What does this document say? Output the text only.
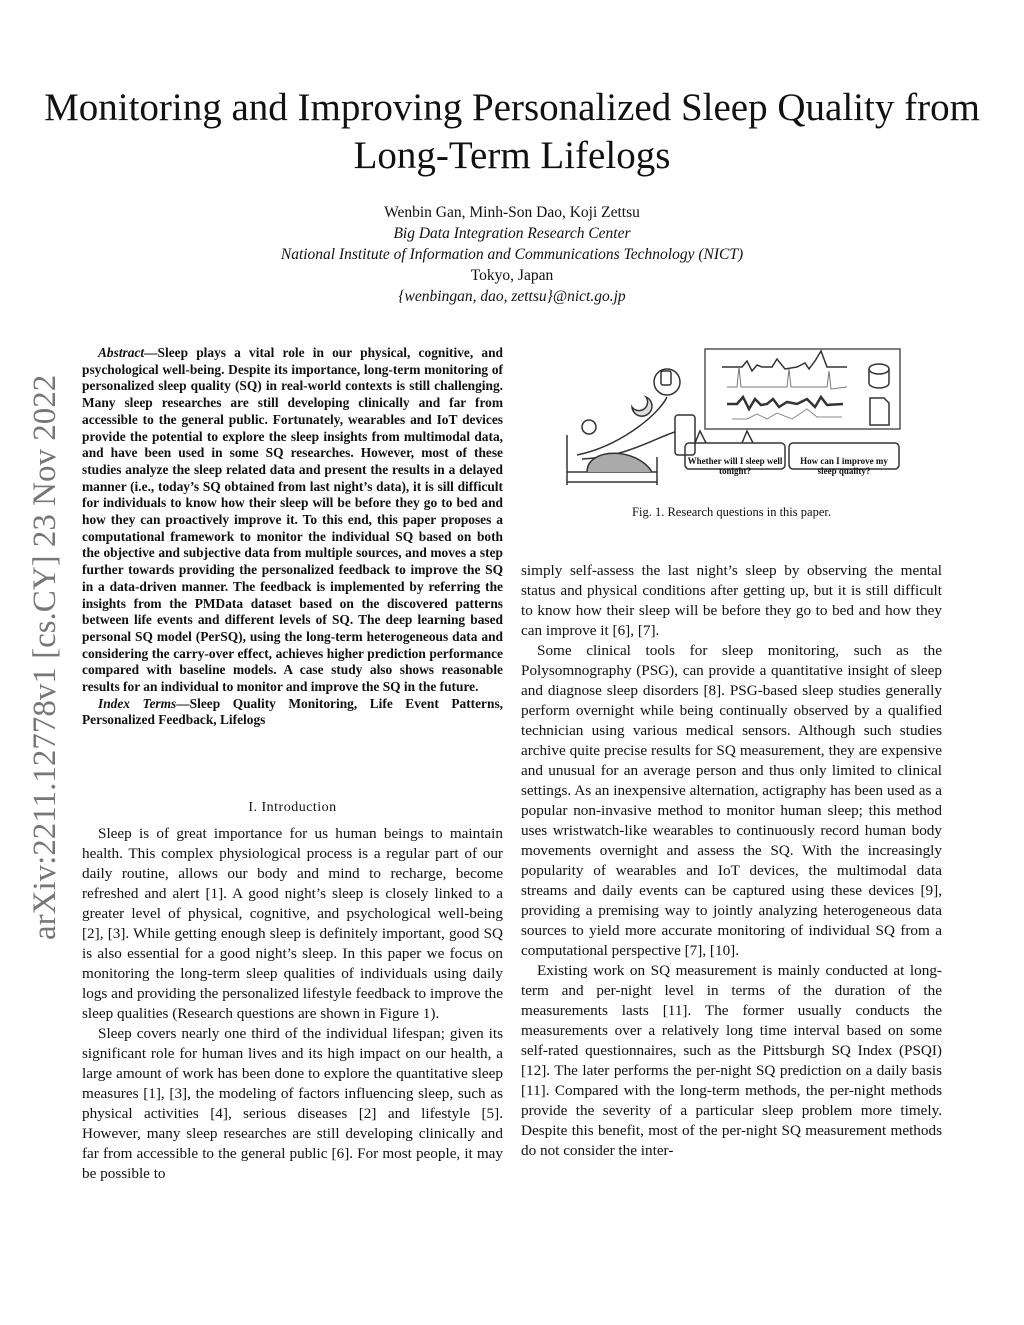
Monitoring and Improving Personalized Sleep Quality from Long-Term Lifelogs
Wenbin Gan, Minh-Son Dao, Koji Zettsu
Big Data Integration Research Center
National Institute of Information and Communications Technology (NICT)
Tokyo, Japan
{wenbingan, dao, zettsu}@nict.go.jp
arXiv:2211.12778v1 [cs.CY] 23 Nov 2022

Abstract—Sleep plays a vital role in our physical, cognitive, and psychological well-being. Despite its importance, long-term monitoring of personalized sleep quality (SQ) in real-world contexts is still challenging. Many sleep researches are still developing clinically and far from accessible to the general public. Fortunately, wearables and IoT devices provide the potential to explore the sleep insights from multimodal data, and have been used in some SQ researches. However, most of these studies analyze the sleep related data and present the results in a delayed manner (i.e., today’s SQ obtained from last night’s data), it is sill difficult for individuals to know how their sleep will be before they go to bed and how they can proactively improve it. To this end, this paper proposes a computational framework to monitor the individual SQ based on both the objective and subjective data from multiple sources, and moves a step further towards providing the personalized feedback to improve the SQ in a data-driven manner. The feedback is implemented by referring the insights from the PMData dataset based on the discovered patterns between life events and different levels of SQ. The deep learning based personal SQ model (PerSQ), using the long-term heterogeneous data and considering the carry-over effect, achieves higher prediction performance compared with baseline models. A case study also shows reasonable results for an individual to monitor and improve the SQ in the future.

Index Terms—Sleep Quality Monitoring, Life Event Patterns, Personalized Feedback, Lifelogs

I. Introduction

Sleep is of great importance for us human beings to maintain health. This complex physiological process is a regular part of our daily routine, allows our body and mind to recharge, become refreshed and alert [1]. A good night’s sleep is closely linked to a greater level of physical, cognitive, and psychological well-being [2], [3]. While getting enough sleep is definitely important, good SQ is also essential for a good night’s sleep. In this paper we focus on monitoring the long-term sleep qualities of individuals using daily logs and providing the personalized lifestyle feedback to improve the sleep qualities (Research questions are shown in Figure 1).

Sleep covers nearly one third of the individual lifespan; given its significant role for human lives and its high impact on our health, a large amount of work has been done to explore the quantitative sleep measures [1], [3], the modeling of factors influencing sleep, such as physical activities [4], serious diseases [2] and lifestyle [5]. However, many sleep researches are still developing clinically and far from accessible to the general public [6]. For most people, it may be possible to

Whether will I sleep well tonight?
How can I improve my sleep quality?
Fig. 1. Research questions in this paper.

simply self-assess the last night’s sleep by observing the mental status and physical conditions after getting up, but it is still difficult to know how their sleep will be before they go to bed and how they can improve it [6], [7].

Some clinical tools for sleep monitoring, such as the Polysomnography (PSG), can provide a quantitative insight of sleep and diagnose sleep disorders [8]. PSG-based sleep studies generally perform overnight while being continually observed by a qualified technician using various medical sensors. Although such studies archive quite precise results for SQ measurement, they are expensive and unusual for an average person and thus only limited to clinical settings. As an inexpensive alternation, actigraphy has been used as a popular non-invasive method to monitor human sleep; this method uses wristwatch-like wearables to continuously record human body movements overnight and assess the SQ. With the increasingly popularity of wearables and IoT devices, the multimodal data streams and daily events can be captured using these devices [9], providing a premising way to jointly analyzing heterogeneous data sources to yield more accurate monitoring of individual SQ from a computational perspective [7], [10].

Existing work on SQ measurement is mainly conducted at long-term and per-night level in terms of the duration of the measurements lasts [11]. The former usually conducts the measurements over a relatively long time interval based on some self-rated questionnaires, such as the Pittsburgh SQ Index (PSQI) [12]. The later performs the per-night SQ prediction on a daily basis [11]. Compared with the long-term methods, the per-night methods provide the severity of a particular sleep problem more timely. Despite this benefit, most of the per-night SQ measurement methods do not consider the inter-
